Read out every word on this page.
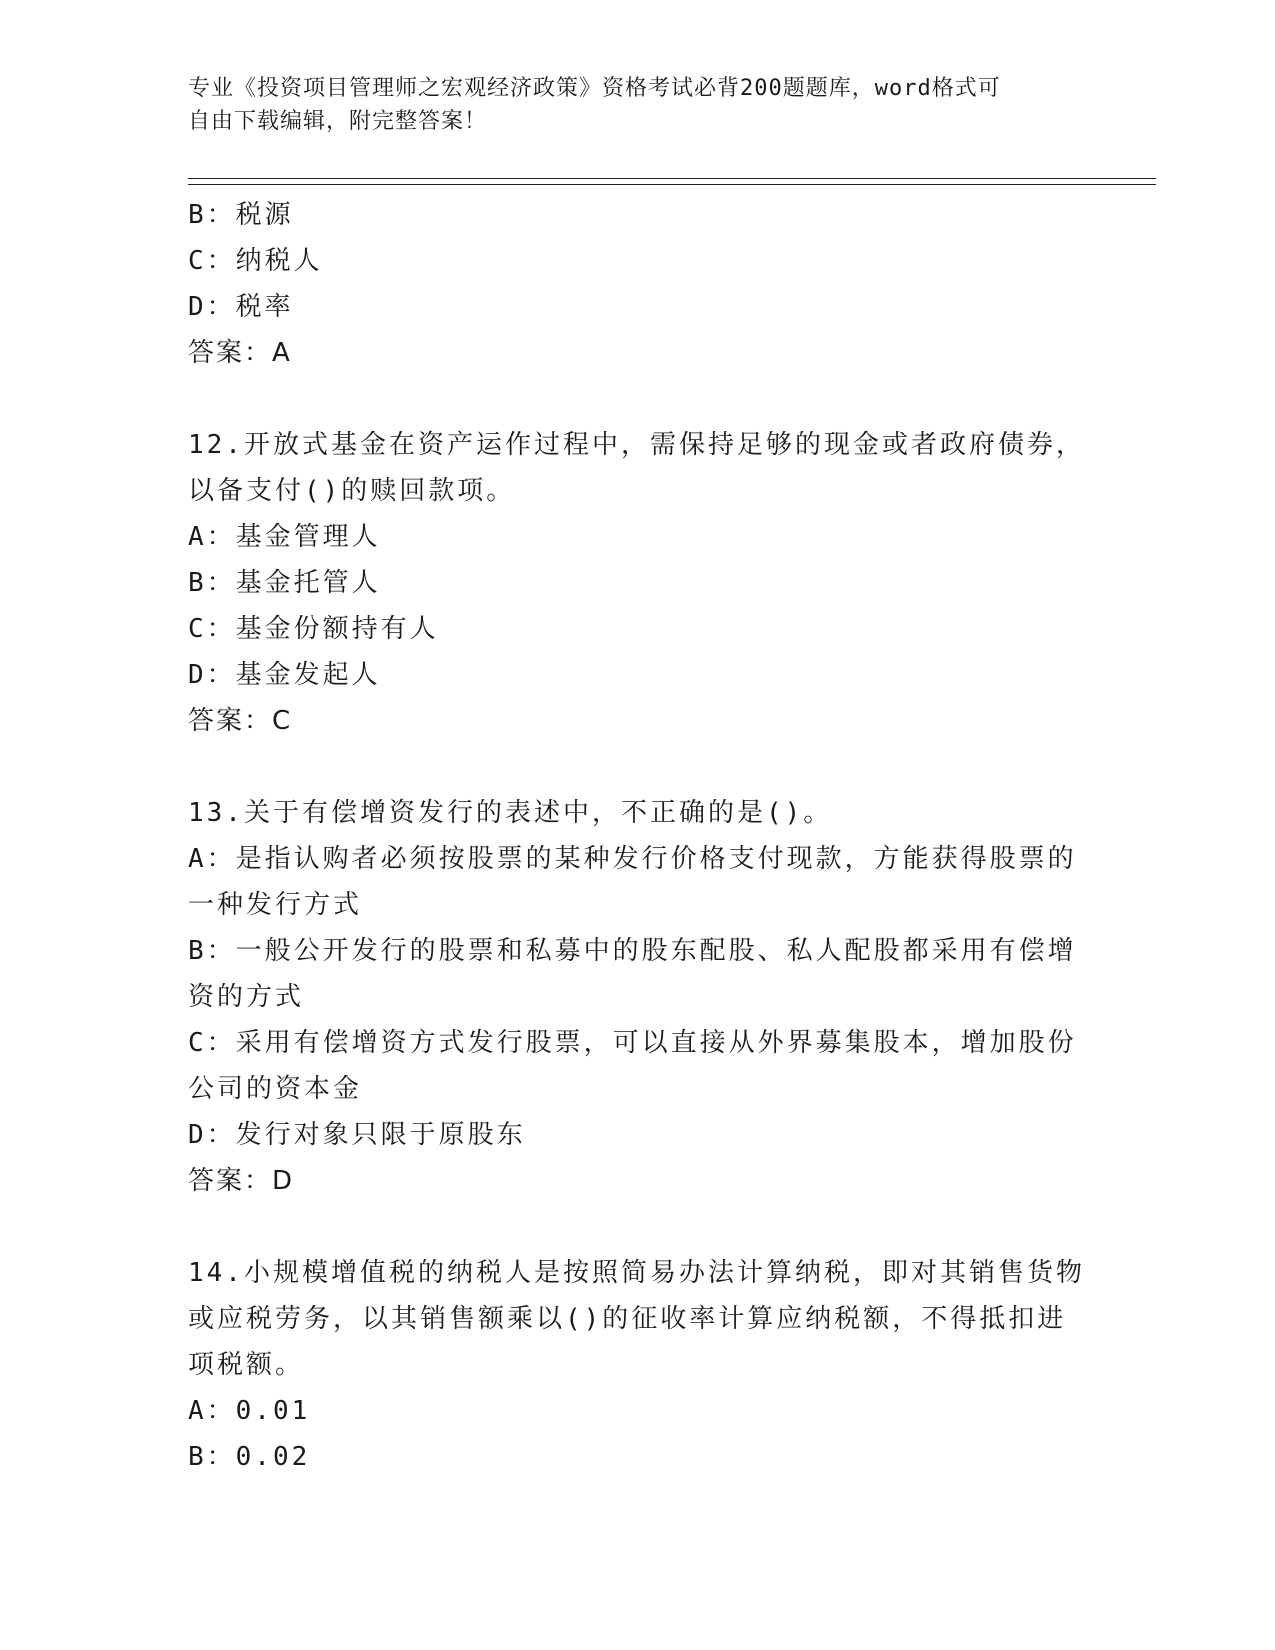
专业《投资项目管理师之宏观经济政策》资格考试必背200题题库，word格式可
自由下载编辑，附完整答案！
B：税源
C：纳税人
D：税率
答案：A
12.开放式基金在资产运作过程中，需保持足够的现金或者政府债券，
以备支付()的赎回款项。
A：基金管理人
B：基金托管人
C：基金份额持有人
D：基金发起人
答案：C
13.关于有偿增资发行的表述中，不正确的是()。
A：是指认购者必须按股票的某种发行价格支付现款，方能获得股票的
一种发行方式
B：一般公开发行的股票和私募中的股东配股、私人配股都采用有偿增
资的方式
C：采用有偿增资方式发行股票，可以直接从外界募集股本，增加股份
公司的资本金
D：发行对象只限于原股东
答案：D
14.小规模增值税的纳税人是按照简易办法计算纳税，即对其销售货物
或应税劳务，以其销售额乘以()的征收率计算应纳税额，不得抵扣进
项税额。
A：0.01
B：0.02
